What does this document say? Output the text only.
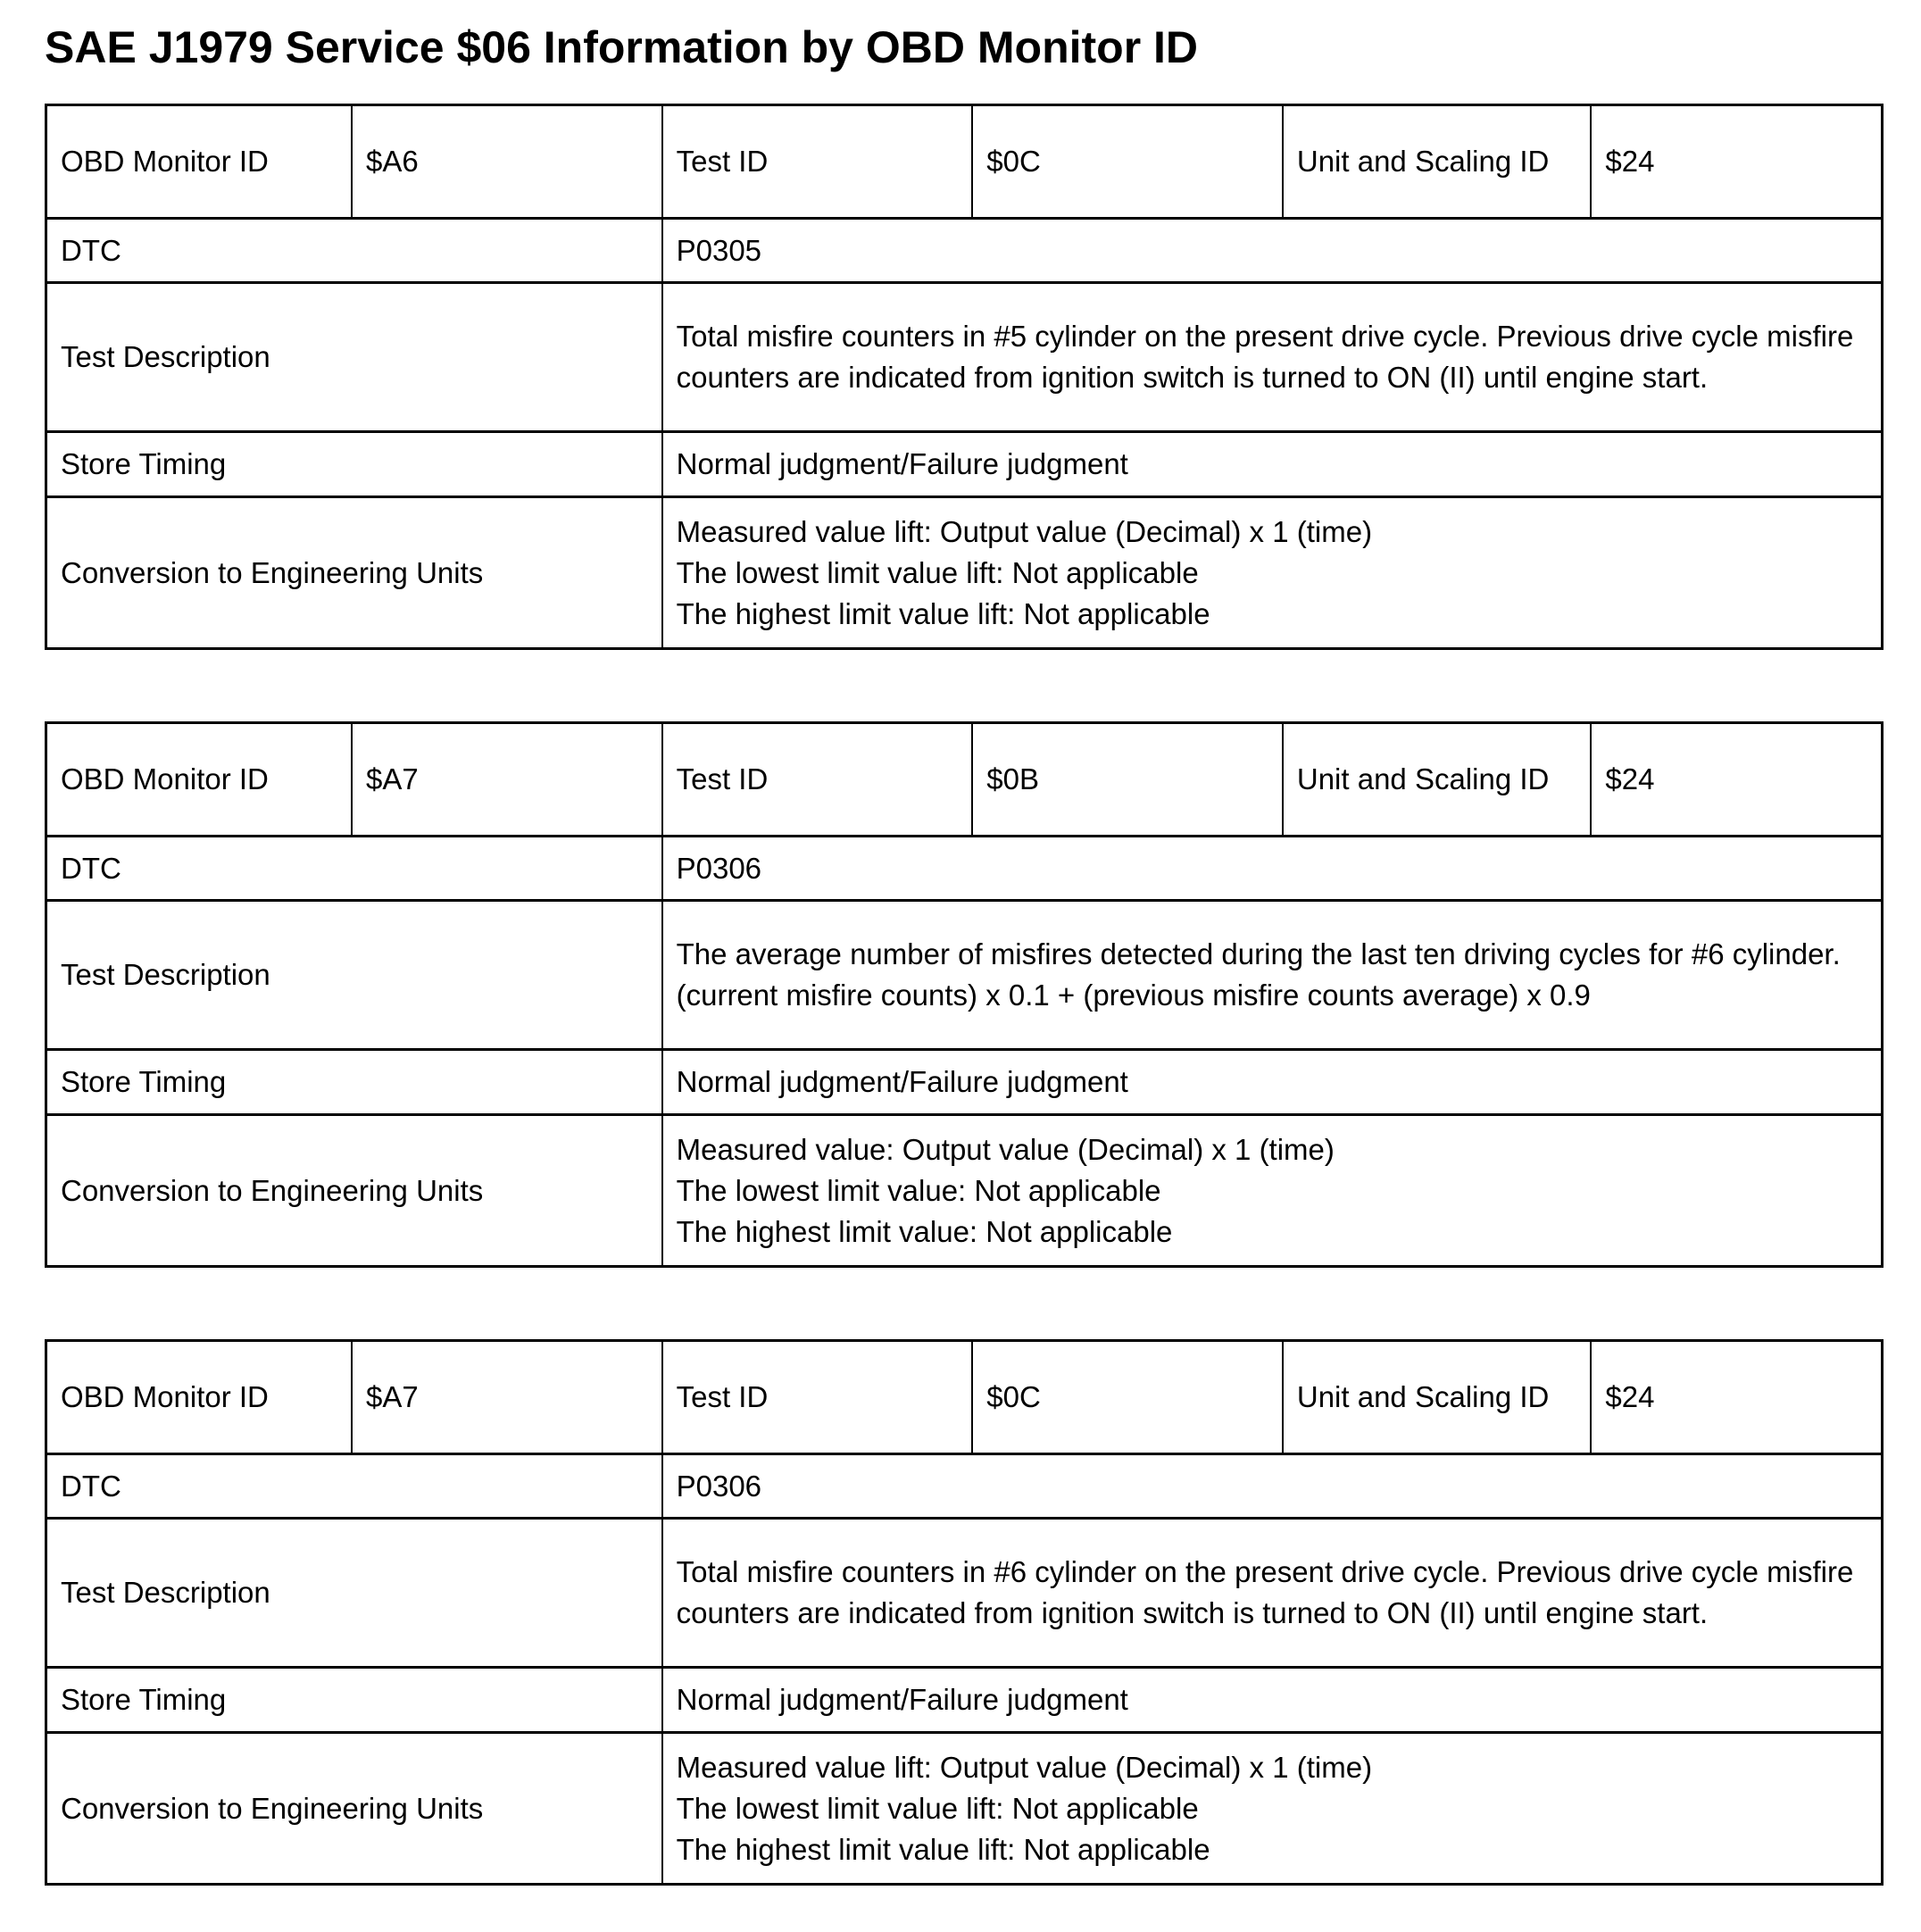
SAE J1979 Service $06 Information by OBD Monitor ID
OBD Monitor ID	$A6	Test ID	$0C	Unit and Scaling ID	$24
DTC		P0305			
Test Description		Total misfire counters in #5 cylinder on the present drive cycle. Previous drive cycle misfire counters are indicated from ignition switch is turned to ON (II) until engine start.			

Store Timing		Normal judgment/Failure judgment			
Conversion to Engineering Units		Measured value lift: Output value (Decimal) x 1 (time)
The lowest limit value lift: Not applicable
The highest limit value lift: Not applicable			
OBD Monitor ID	$A7	Test ID	$0B	Unit and Scaling ID	$24
DTC		P0306			
Test Description		The average number of misfires detected during the last ten driving cycles for #6 cylinder.
(current misfire counts) x 0.1 + (previous misfire counts average) x 0.9			

Store Timing		Normal judgment/Failure judgment			
Conversion to Engineering Units		Measured value: Output value (Decimal) x 1 (time)
The lowest limit value: Not applicable
The highest limit value: Not applicable			
OBD Monitor ID	$A7	Test ID	$0C	Unit and Scaling ID	$24
DTC		P0306			
Test Description		Total misfire counters in #6 cylinder on the present drive cycle. Previous drive cycle misfire counters are indicated from ignition switch is turned to ON (II) until engine start.			

Store Timing		Normal judgment/Failure judgment			
Conversion to Engineering Units		Measured value lift: Output value (Decimal) x 1 (time)
The lowest limit value lift: Not applicable
The highest limit value lift: Not applicable			
